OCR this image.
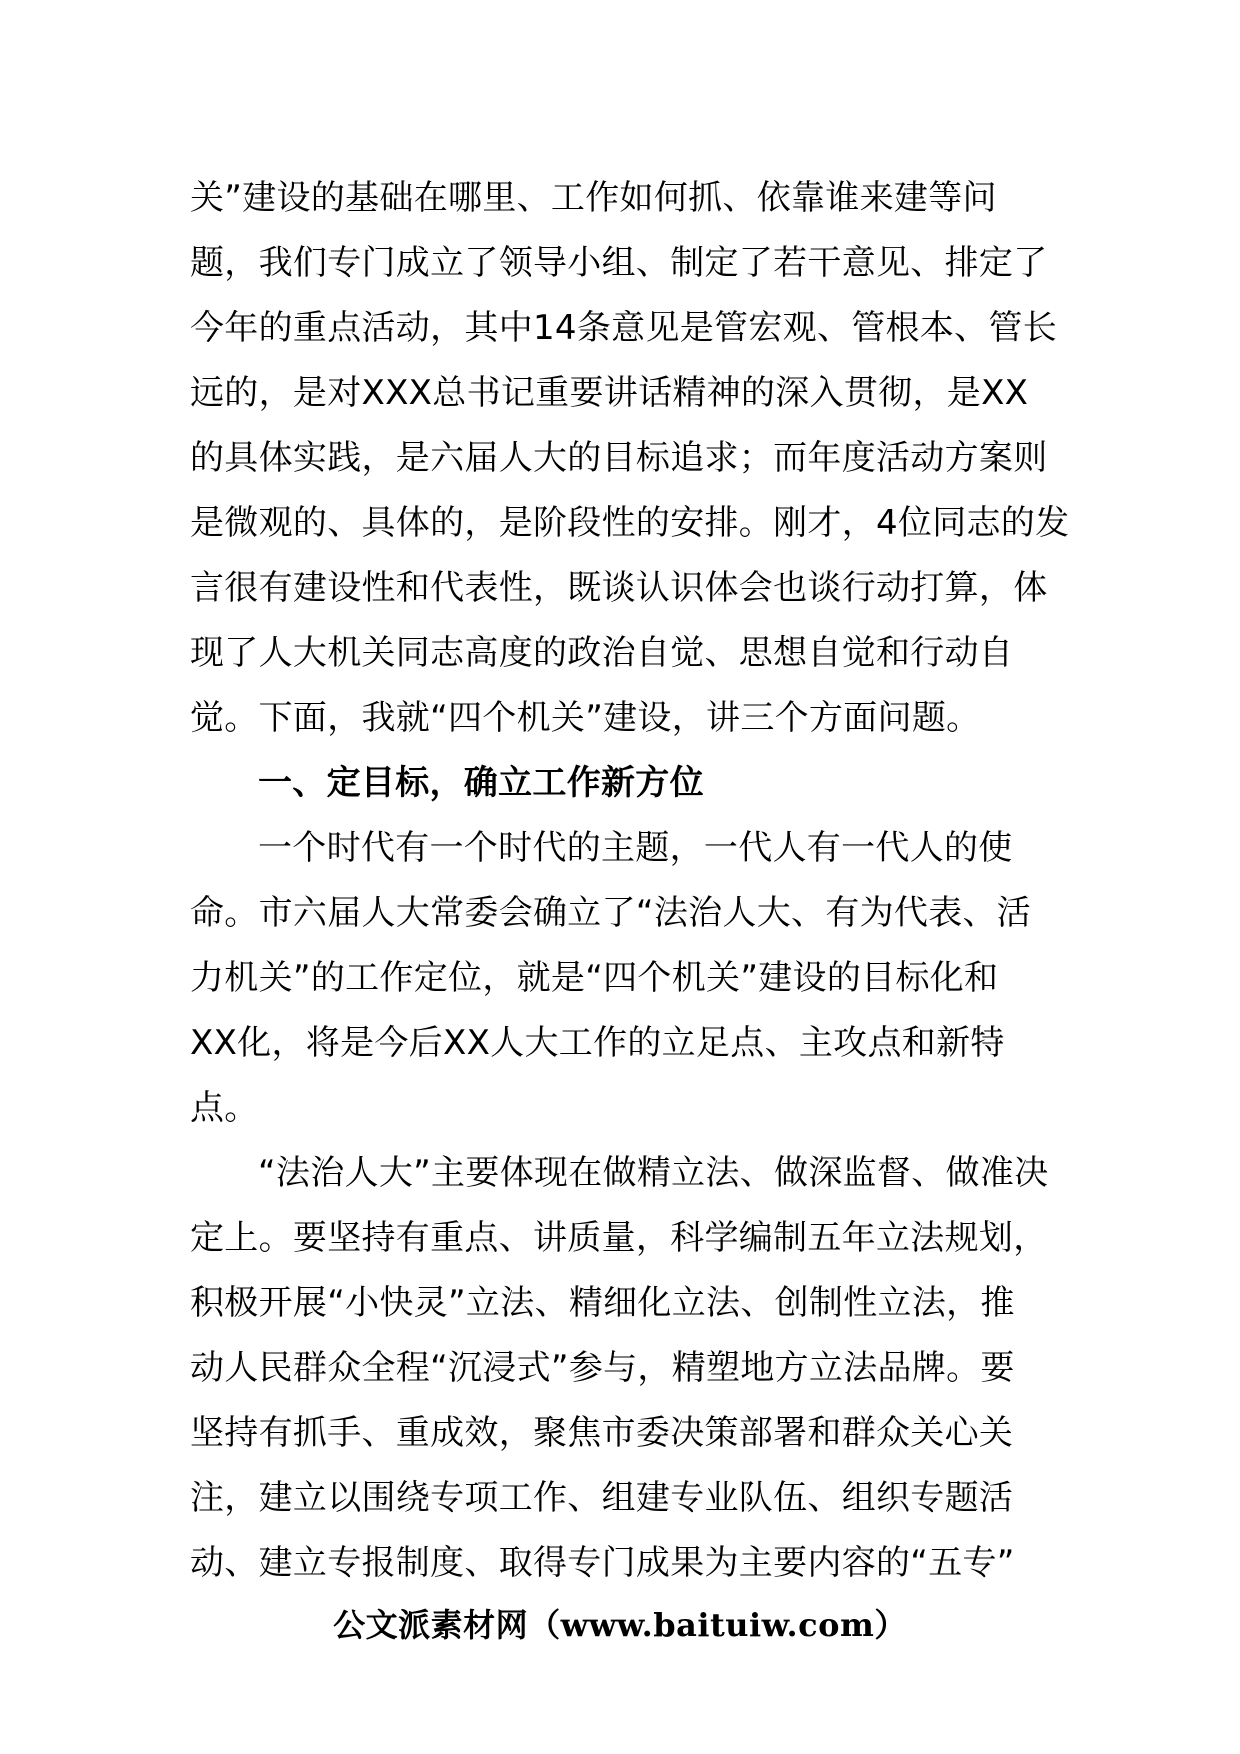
关”建设的基础在哪里、工作如何抓、依靠谁来建等问
题，我们专门成立了领导小组、制定了若干意见、排定了
今年的重点活动，其中14条意见是管宏观、管根本、管长
远的，是对XXX总书记重要讲话精神的深入贯彻，是XX
的具体实践，是六届人大的目标追求；而年度活动方案则
是微观的、具体的，是阶段性的安排。刚才，4位同志的发
言很有建设性和代表性，既谈认识体会也谈行动打算，体
现了人大机关同志高度的政治自觉、思想自觉和行动自
觉。下面，我就“四个机关”建设，讲三个方面问题。
一、定目标，确立工作新方位
一个时代有一个时代的主题，一代人有一代人的使
命。市六届人大常委会确立了“法治人大、有为代表、活
力机关”的工作定位，就是“四个机关”建设的目标化和
XX化，将是今后XX人大工作的立足点、主攻点和新特
点。
“法治人大”主要体现在做精立法、做深监督、做准决
定上。要坚持有重点、讲质量，科学编制五年立法规划，
积极开展“小快灵”立法、精细化立法、创制性立法，推
动人民群众全程“沉浸式”参与，精塑地方立法品牌。要
坚持有抓手、重成效，聚焦市委决策部署和群众关心关
注，建立以围绕专项工作、组建专业队伍、组织专题活
动、建立专报制度、取得专门成果为主要内容的“五专”
公文派素材网（www.baituiw.com）
